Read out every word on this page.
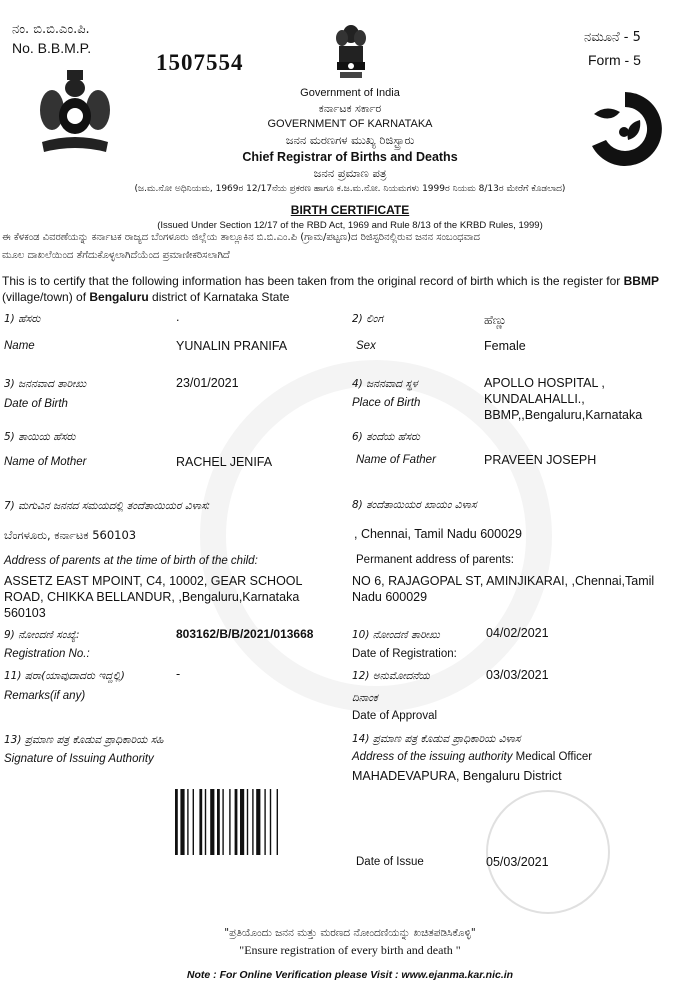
ನಂ. ಬಿ.ಬಿ.ಎಂ.ಪಿ.
No. B.B.M.P.
1507554
ನಮೂನೆ - 5
Form - 5
Government of India
ಕರ್ನಾಟಕ ಸರ್ಕಾರ
GOVERNMENT OF KARNATAKA
ಜನನ ಮರಣಗಳ ಮುಖ್ಯ ರಿಜಿಸ್ಟ್ರಾರು
Chief Registrar of Births and Deaths
ಜನನ ಪ್ರಮಾಣ ಪತ್ರ
(ಜ.ಮ.ನೋ ಅಧಿನಿಯಮ, 1969ರ 12/17ನೆಯ ಪ್ರಕರಣ ಹಾಗೂ ಕ.ಜ.ಮ.ನೋ. ನಿಯಮಗಳು 1999ರ ನಿಯಮ 8/13ರ ಮೇರೆಗೆ ಕೊಡಲಾದ)
BIRTH CERTIFICATE
(Issued Under Section 12/17 of the RBD Act, 1969 and Rule 8/13 of the KRBD Rules, 1999)
ಈ ಕೆಳಕಂಡ ವಿವರಣೆಯನ್ನು ಕರ್ನಾಟಕ ರಾಜ್ಯದ ಬೆಂಗಳೂರು ಜಿಲ್ಲೆಯ ತಾಲ್ಲೂಕಿನ ಬಿ.ಬಿ.ಎಂ.ಪಿ (ಗ್ರಾಮ/ಪಟ್ಟಣ)ದ ರಿಜಿಸ್ಟರಿನಲ್ಲಿರುವ ಜನನ ಸಂಬಂಧವಾದ
ಮೂಲ ದಾಖಲೆಯಿಂದ ತೆಗೆದುಕೊಳ್ಳಲಾಗಿದೆಯೆಂದ ಪ್ರಮಾಣೀಕರಿಸಲಾಗಿದೆ
This is to certify that the following information has been taken from the original record of birth which is the register for BBMP
(village/town) of Bengaluru district of Karnataka State
1) ಹೆಸರು	.	2) ಲಿಂಗ	ಹೆಣ್ಣು
Name	YUNALIN PRANIFA	Sex	Female
3) ಜನನವಾದ ತಾರೀಖು	23/01/2021	4) ಜನನವಾದ ಸ್ಥಳ	APOLLO HOSPITAL ,
Date of Birth	Place of Birth	KUNDALAHALLI.,
BBMP,,Bengaluru,Karnataka
5) ತಾಯಿಯ ಹೆಸರು	6) ತಂದೆಯ ಹೆಸರು
Name of Mother	RACHEL JENIFA	Name of Father	PRAVEEN JOSEPH
7) ಮಗುವಿನ ಜನನದ ಸಮಯದಲ್ಲಿ ತಂದೆತಾಯಿಯರ ವಿಳಾಸ:	8) ತಂದೆತಾಯಿಯರ ಖಾಯಂ ವಿಳಾಸ
ಬೆಂಗಳೂರು, ಕರ್ನಾಟಕ 560103	, Chennai, Tamil Nadu 600029
Address of parents at the time of birth of the child:	Permanent address of parents:
ASSETZ EAST MPOINT, C4, 10002, GEAR SCHOOL
ROAD, CHIKKA BELLANDUR, ,Bengaluru,Karnataka
560103
NO 6, RAJAGOPAL ST, AMINJIKARAI, ,Chennai,Tamil
Nadu 600029
9) ನೋಂದಣಿ ಸಂಖ್ಯೆ:	803162/B/B/2021/013668	10) ನೋಂದಣಿ ತಾರೀಖು	04/02/2021
Registration No.:	Date of Registration:
11) ಷರಾ(ಯಾವುದಾದರು ಇದ್ದಲ್ಲಿ)	-	12) ಅನುಮೋದನೆಯ	03/03/2021
Remarks(if any)	ದಿನಾಂಕ
Date of Approval
13) ಪ್ರಮಾಣ ಪತ್ರ ಕೊಡುವ ಪ್ರಾಧಿಕಾರಿಯ ಸಹಿ	14) ಪ್ರಮಾಣ ಪತ್ರ ಕೊಡುವ ಪ್ರಾಧಿಕಾರಿಯ ವಿಳಾಸ
Signature of Issuing Authority	Address of the issuing authority Medical Officer
MAHADEVAPURA, Bengaluru District
Date of Issue	05/03/2021
"ಪ್ರತಿಯೊಂದು ಜನನ ಮತ್ತು ಮರಣದ ನೋಂದಣಿಯನ್ನು ಖಚಿತಪಡಿಸಿಕೊಳ್ಳಿ"
"Ensure registration of every birth and death "
Note : For Online Verification please Visit : www.ejanma.kar.nic.in
